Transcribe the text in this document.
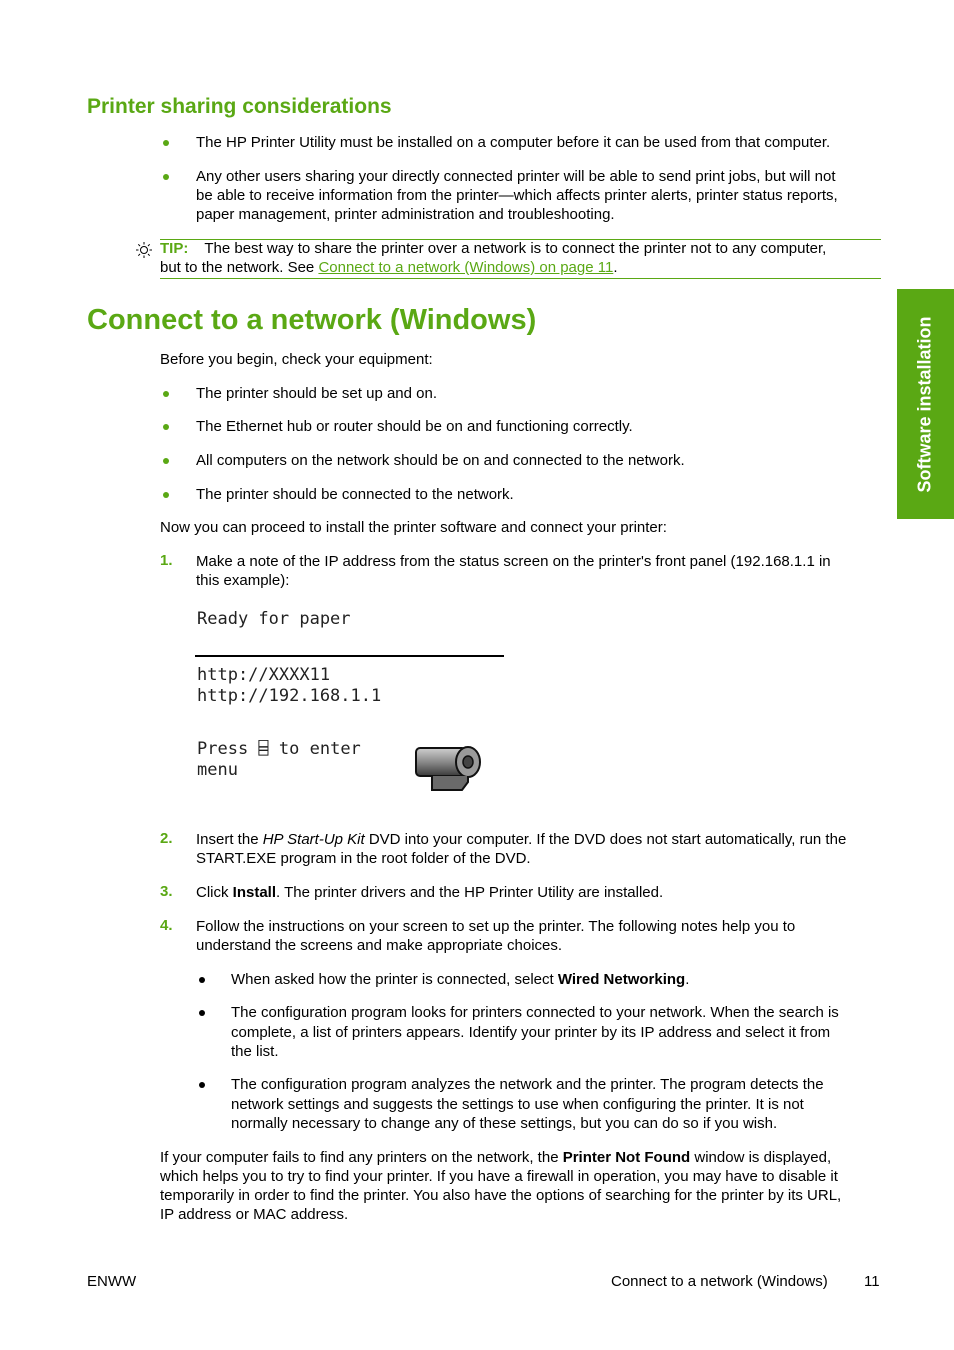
Printer sharing considerations
The HP Printer Utility must be installed on a computer before it can be used from that computer.
Any other users sharing your directly connected printer will be able to send print jobs, but will not
be able to receive information from the printer—which affects printer alerts, printer status reports,
paper management, printer administration and troubleshooting.
TIP: The best way to share the printer over a network is to connect the printer not to any computer,
but to the network. See Connect to a network (Windows) on page 11.
Connect to a network (Windows)
Before you begin, check your equipment:
The printer should be set up and on.
The Ethernet hub or router should be on and functioning correctly.
All computers on the network should be on and connected to the network.
The printer should be connected to the network.
Now you can proceed to install the printer software and connect your printer:
1. Make a note of the IP address from the status screen on the printer's front panel (192.168.1.1 in
this example):
Ready for paper
http://XXXX11
http://192.168.1.1
Press ⌸ to enter
menu
2. Insert the HP Start-Up Kit DVD into your computer. If the DVD does not start automatically, run the
START.EXE program in the root folder of the DVD.
3. Click Install. The printer drivers and the HP Printer Utility are installed.
4. Follow the instructions on your screen to set up the printer. The following notes help you to
understand the screens and make appropriate choices.
When asked how the printer is connected, select Wired Networking.
The configuration program looks for printers connected to your network. When the search is
complete, a list of printers appears. Identify your printer by its IP address and select it from
the list.
The configuration program analyzes the network and the printer. The program detects the
network settings and suggests the settings to use when configuring the printer. It is not
normally necessary to change any of these settings, but you can do so if you wish.
If your computer fails to find any printers on the network, the Printer Not Found window is displayed,
which helps you to try to find your printer. If you have a firewall in operation, you may have to disable it
temporarily in order to find the printer. You also have the options of searching for the printer by its URL,
IP address or MAC address.
Software installation
ENWW	Connect to a network (Windows) 11
